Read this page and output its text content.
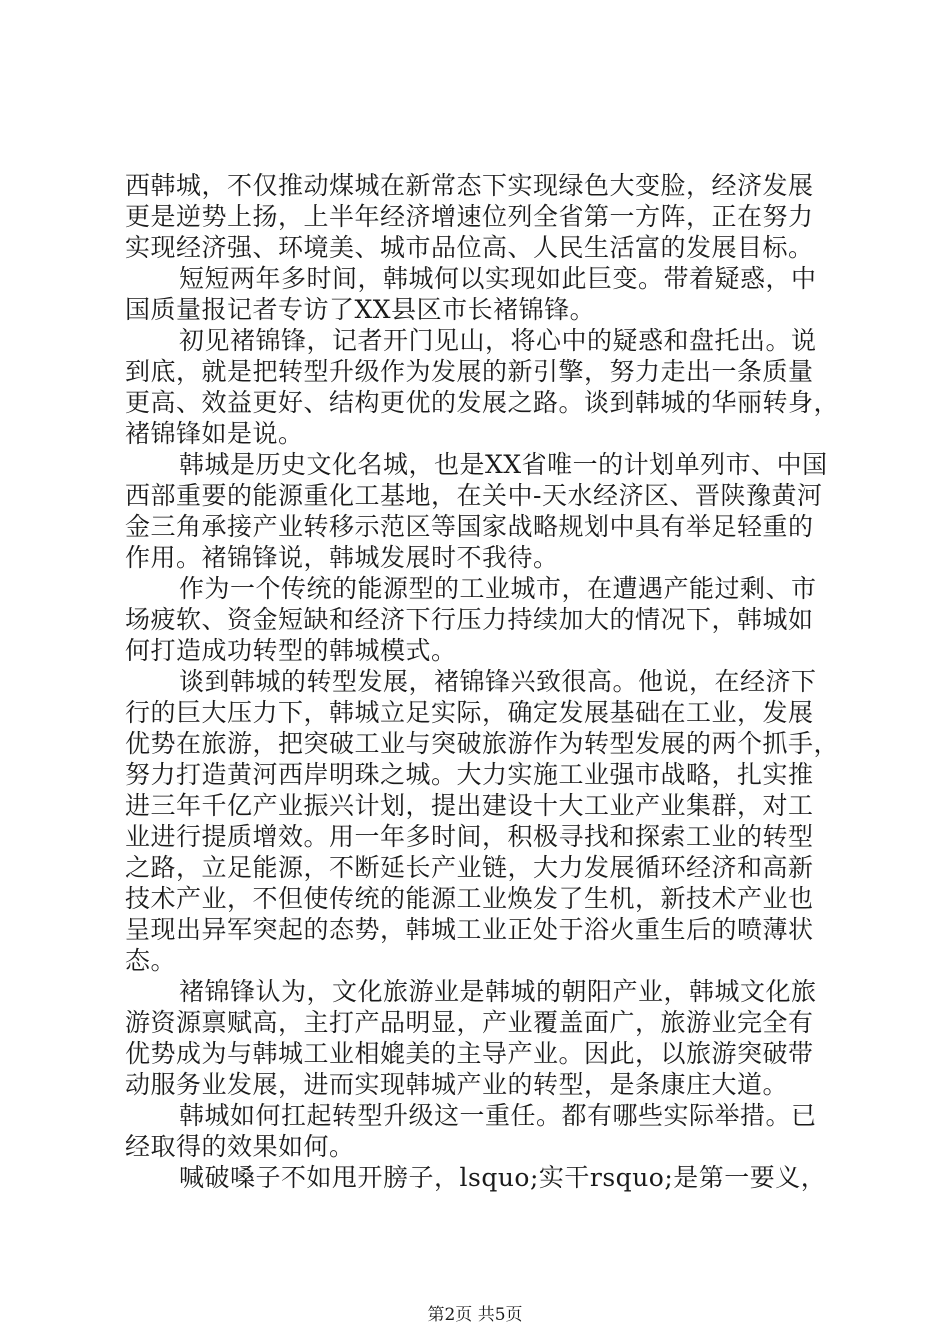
西韩城，不仅推动煤城在新常态下实现绿色大变脸，经济发展
更是逆势上扬，上半年经济增速位列全省第一方阵，正在努力
实现经济强、环境美、城市品位高、人民生活富的发展目标。
短短两年多时间，韩城何以实现如此巨变。带着疑惑，中
国质量报记者专访了XX县区市长褚锦锋。
初见褚锦锋，记者开门见山，将心中的疑惑和盘托出。说
到底，就是把转型升级作为发展的新引擎，努力走出一条质量
更高、效益更好、结构更优的发展之路。谈到韩城的华丽转身，
褚锦锋如是说。
韩城是历史文化名城，也是XX省唯一的计划单列市、中国
西部重要的能源重化工基地，在关中-天水经济区、晋陕豫黄河
金三角承接产业转移示范区等国家战略规划中具有举足轻重的
作用。褚锦锋说，韩城发展时不我待。
作为一个传统的能源型的工业城市，在遭遇产能过剩、市
场疲软、资金短缺和经济下行压力持续加大的情况下，韩城如
何打造成功转型的韩城模式。
谈到韩城的转型发展，褚锦锋兴致很高。他说，在经济下
行的巨大压力下，韩城立足实际，确定发展基础在工业，发展
优势在旅游，把突破工业与突破旅游作为转型发展的两个抓手，
努力打造黄河西岸明珠之城。大力实施工业强市战略，扎实推
进三年千亿产业振兴计划，提出建设十大工业产业集群，对工
业进行提质增效。用一年多时间，积极寻找和探索工业的转型
之路，立足能源，不断延长产业链，大力发展循环经济和高新
技术产业，不但使传统的能源工业焕发了生机，新技术产业也
呈现出异军突起的态势，韩城工业正处于浴火重生后的喷薄状
态。
褚锦锋认为，文化旅游业是韩城的朝阳产业，韩城文化旅
游资源禀赋高，主打产品明显，产业覆盖面广，旅游业完全有
优势成为与韩城工业相媲美的主导产业。因此，以旅游突破带
动服务业发展，进而实现韩城产业的转型，是条康庄大道。
韩城如何扛起转型升级这一重任。都有哪些实际举措。已
经取得的效果如何。
喊破嗓子不如甩开膀子，lsquo;实干rsquo;是第一要义，
第2页 共5页
